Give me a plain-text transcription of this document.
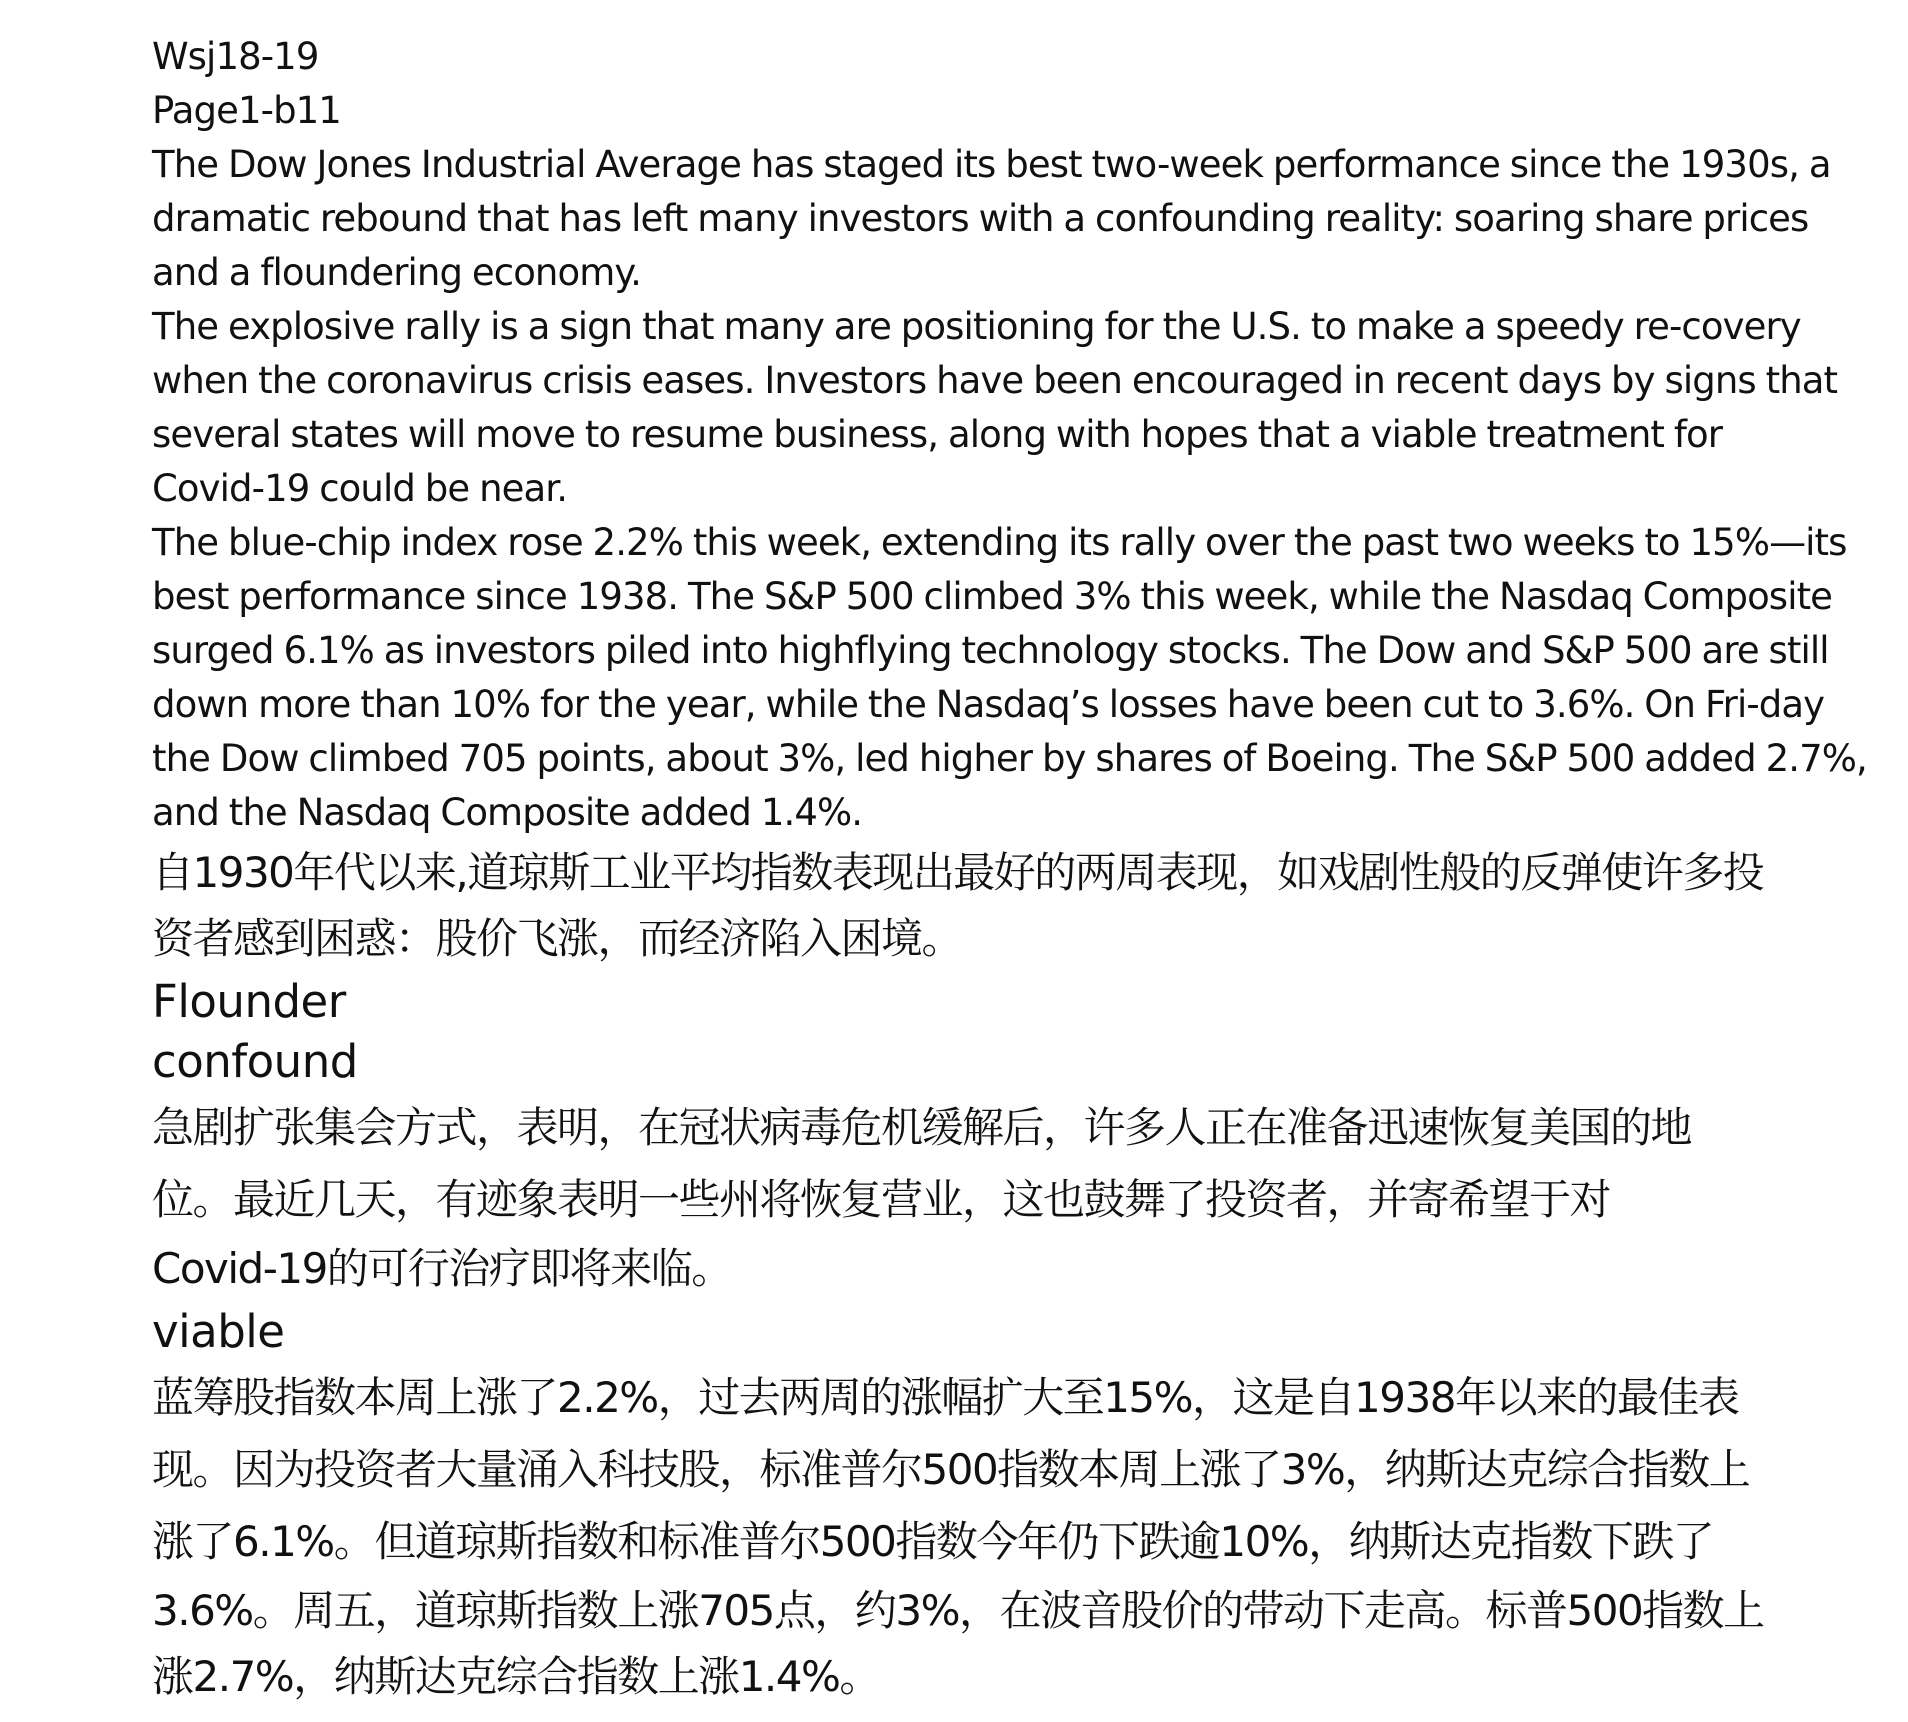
Wsj18-19

Page1-b11

The Dow Jones Industrial Average has staged its best two-week performance since the 1930s, a

dramatic rebound that has left many investors with a confounding reality: soaring share prices

and a floundering economy.

The explosive rally is a sign that many are positioning for the U.S. to make a speedy re-covery

when the coronavirus crisis eases. Investors have been encouraged in recent days by signs that

several states will move to resume business, along with hopes that a viable treatment for

Covid-19 could be near.

The blue-chip index rose 2.2% this week, extending its rally over the past two weeks to 15%—its

best performance since 1938. The S&P 500 climbed 3% this week, while the Nasdaq Composite

surged 6.1% as investors piled into highflying technology stocks. The Dow and S&P 500 are still

down more than 10% for the year, while the Nasdaq’s losses have been cut to 3.6%. On Fri-day

the Dow climbed 705 points, about 3%, led higher by shares of Boeing. The S&P 500 added 2.7%,

and the Nasdaq Composite added 1.4%.

自1930年代以来,道琼斯工业平均指数表现出最好的两周表现，如戏剧性般的反弹使许多投

资者感到困惑：股价飞涨，而经济陷入困境。

Flounder

confound

急剧扩张集会方式，表明，在冠状病毒危机缓解后，许多人正在准备迅速恢复美国的地

位。最近几天，有迹象表明一些州将恢复营业，这也鼓舞了投资者，并寄希望于对

Covid-19的可行治疗即将来临。

viable

蓝筹股指数本周上涨了2.2%，过去两周的涨幅扩大至15%，这是自1938年以来的最佳表

现。因为投资者大量涌入科技股，标准普尔500指数本周上涨了3%，纳斯达克综合指数上

涨了6.1%。但道琼斯指数和标准普尔500指数今年仍下跌逾10%，纳斯达克指数下跌了

3.6%。周五，道琼斯指数上涨705点，约3%，在波音股价的带动下走高。标普500指数上

涨2.7%，纳斯达克综合指数上涨1.4%。
